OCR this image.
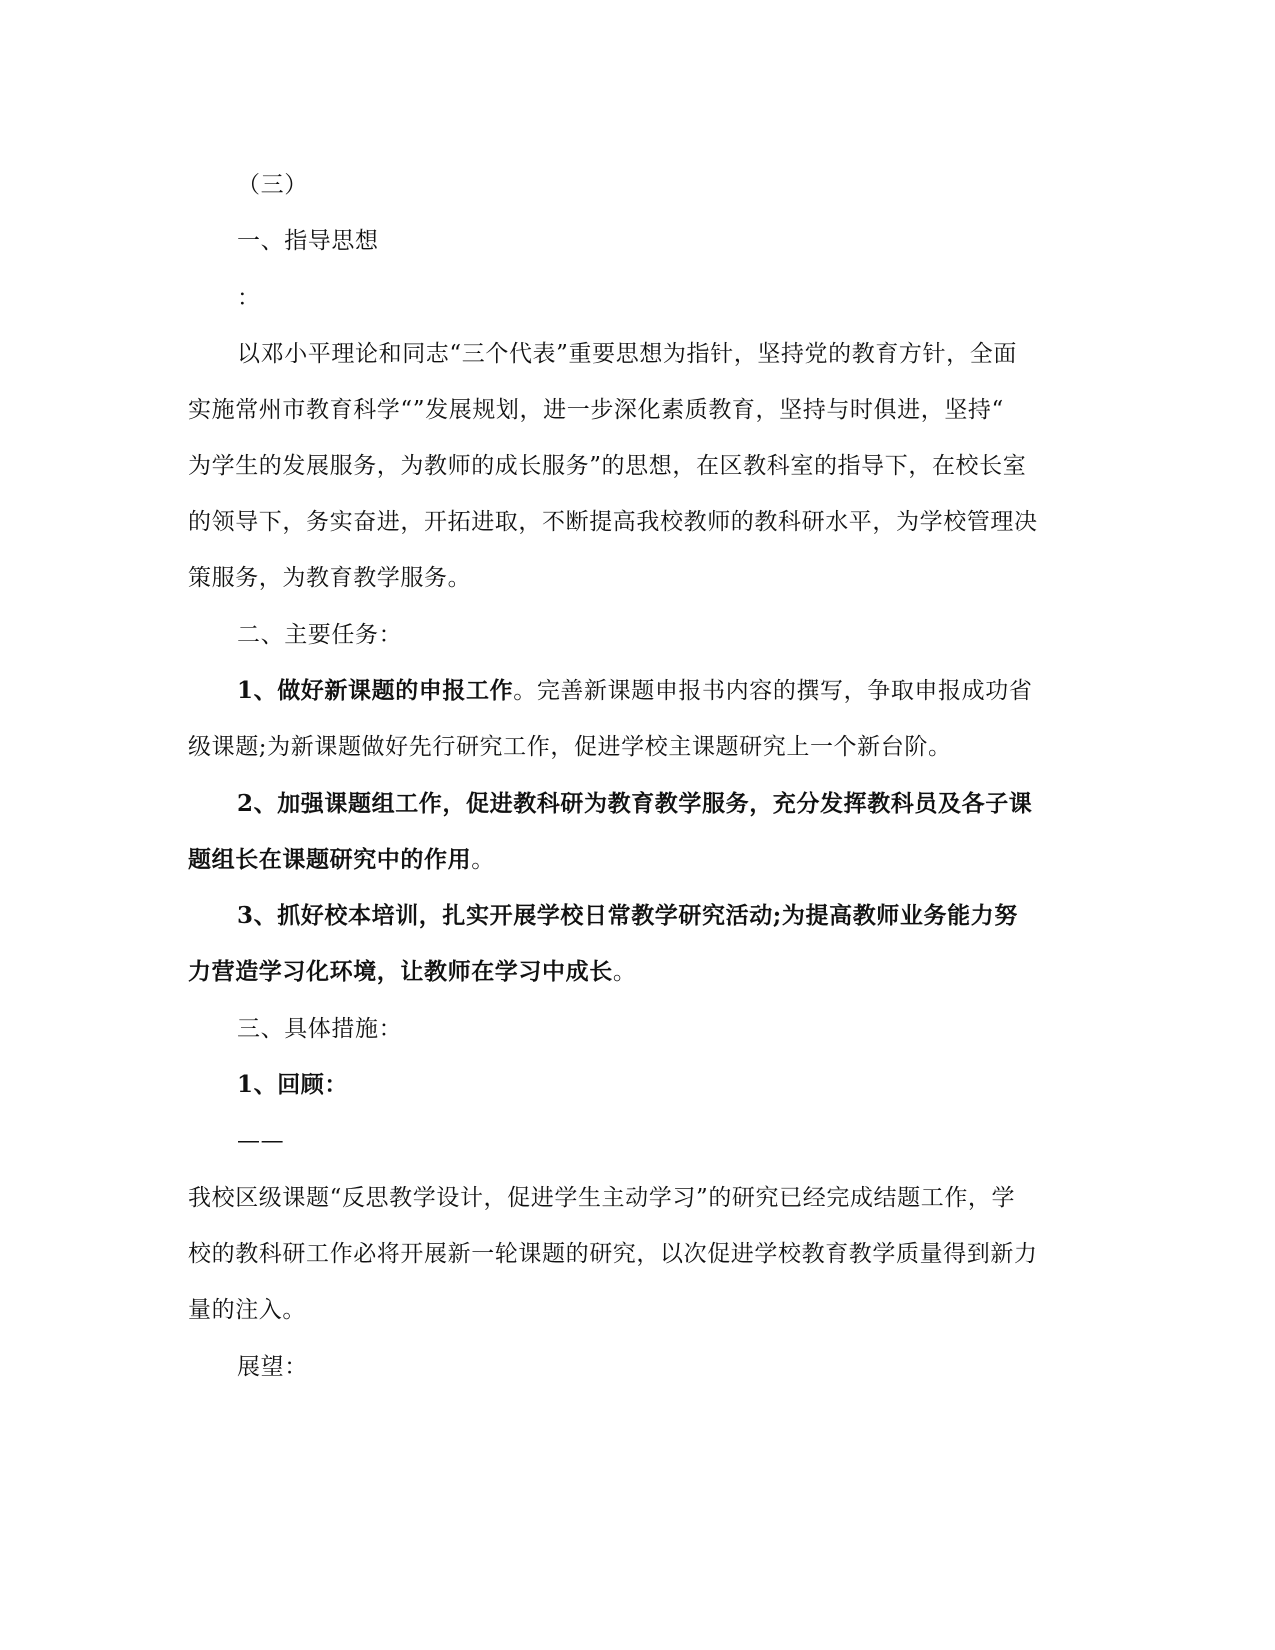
（三）
一、指导思想
：
以邓小平理论和同志“三个代表”重要思想为指针，坚持党的教育方针，全面
实施常州市教育科学“”发展规划，进一步深化素质教育，坚持与时俱进，坚持“
为学生的发展服务，为教师的成长服务”的思想，在区教科室的指导下，在校长室
的领导下，务实奋进，开拓进取，不断提高我校教师的教科研水平，为学校管理决
策服务，为教育教学服务。
二、主要任务：
1、做好新课题的申报工作。完善新课题申报书内容的撰写，争取申报成功省
级课题;为新课题做好先行研究工作，促进学校主课题研究上一个新台阶。
2、加强课题组工作，促进教科研为教育教学服务，充分发挥教科员及各子课
题组长在课题研究中的作用。
3、抓好校本培训，扎实开展学校日常教学研究活动;为提高教师业务能力努
力营造学习化环境，让教师在学习中成长。
三、具体措施：
1、回顾：
——
我校区级课题“反思教学设计，促进学生主动学习”的研究已经完成结题工作，学
校的教科研工作必将开展新一轮课题的研究，以次促进学校教育教学质量得到新力
量的注入。
展望：
